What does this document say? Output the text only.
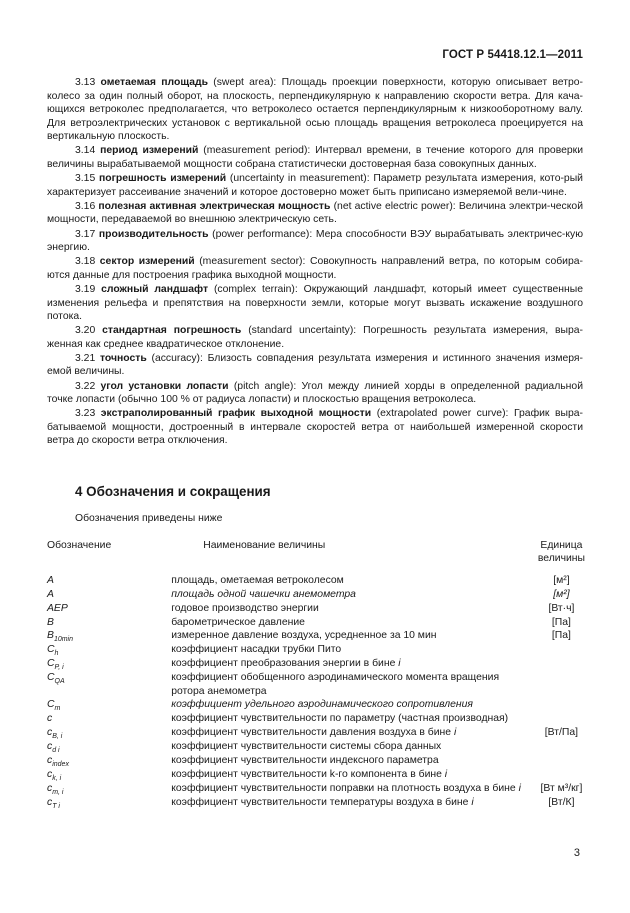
ГОСТ Р 54418.12.1—2011

3.13 ометаемая площадь (swept area): Площадь проекции поверхности, которую описывает ветро-колесо за один полный оборот, на плоскость, перпендикулярную к направлению скорости ветра. Для кача-ющихся ветроколес предполагается, что ветроколесо остается перпендикулярным к низкооборотному валу. Для ветроэлектрических установок с вертикальной осью площадь вращения ветроколеса проецируется на вертикальную плоскость.

3.14 период измерений (measurement period): Интервал времени, в течение которого для проверки величины вырабатываемой мощности собрана статистически достоверная база совокупных данных.

3.15 погрешность измерений (uncertainty in measurement): Параметр результата измерения, кото-рый характеризует рассеивание значений и которое достоверно может быть приписано измеряемой вели-чине.

3.16 полезная активная электрическая мощность (net active electric power): Величина электри-ческой мощности, передаваемой во внешнюю электрическую сеть.

3.17 производительность (power performance): Мера способности ВЭУ вырабатывать электричес-кую энергию.

3.18 сектор измерений (measurement sector): Совокупность направлений ветра, по которым собира-ются данные для построения графика выходной мощности.

3.19 сложный ландшафт (complex terrain): Окружающий ландшафт, который имеет существенные изменения рельефа и препятствия на поверхности земли, которые могут вызвать искажение воздушного потока.

3.20 стандартная погрешность (standard uncertainty): Погрешность результата измерения, выра-женная как среднее квадратическое отклонение.

3.21 точность (accuracy): Близость совпадения результата измерения и истинного значения измеря-емой величины.

3.22 угол установки лопасти (pitch angle): Угол между линией хорды в определенной радиальной точке лопасти (обычно 100 % от радиуса лопасти) и плоскостью вращения ветроколеса.

3.23 экстраполированный график выходной мощности (extrapolated power curve): График выра-батываемой мощности, достроенный в интервале скоростей ветра от наибольшей измеренной скорости ветра до скорости ветра отключения.

4 Обозначения и сокращения
Обозначения приведены ниже
Обозначение	Наименование величины	Единица величины
A	площадь, ометаемая ветроколесом	[м²]
A	площадь одной чашечки анемометра	[м²]
AEP	годовое производство энергии	[Вт·ч]
B	барометрическое давление	[Па]
$B_{10min}$	измеренное давление воздуха, усредненное за 10 мин	[Па]
$C_h$	коэффициент насадки трубки Пито	
$C_{P, i}$	коэффициент преобразования энергии в бине i	
$C_{QA}$	коэффициент обобщенного аэродинамического момента вращения ротора анемометра	
$C_т$	коэффициент удельного аэродинамического сопротивления	
c	коэффициент чувствительности по параметру (частная производная)	
$c_{B, i}$	коэффициент чувствительности давления воздуха в бине i	[Вт/Па]
$c_{d i}$	коэффициент чувствительности системы сбора данных	
$c_{index}$	коэффициент чувствительности индексного параметра	
$c_{k, i}$	коэффициент чувствительности k-го компонента в бине i	
$c_{m, i}$	коэффициент чувствительности поправки на плотность воздуха в бине i	[Вт м³/кг]
$c_{T i}$	коэффициент чувствительности температуры воздуха в бине i	[Вт/К]
3
